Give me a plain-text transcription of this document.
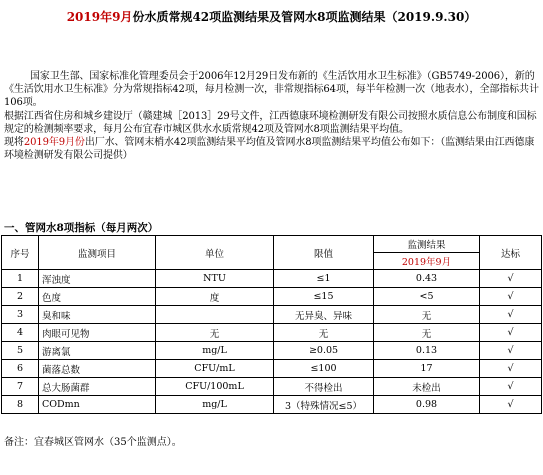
2019年9月份水质常规42项监测结果及管网水8项监测结果（2019.9.30）

国家卫生部、国家标准化管理委员会于2006年12月29日发布新的《生活饮用水卫生标准》（GB5749-2006），新的《生活饮用水卫生标准》分为常规指标42项，每月检测一次，非常规指标64项，每半年检测一次（地表水），全部指标共计106项。

根据江西省住房和城乡建设厅（赣建城［2013］29号文件，江西德康环境检测研发有限公司按照水质信息公布制度和国标规定的检测频率要求，每月公布宜春市城区供水水质常规42项及管网水8项监测结果平均值。

现将2019年9月份出厂水、管网末梢水42项监测结果平均值及管网水8项监测结果平均值公布如下：（监测结果由江西德康环境检测研发有限公司提供）

一、管网水8项指标（每月两次）
序号	监测项目	单位	限值	监测结果	达标
				2019年9月	
1	浑浊度	NTU	≤1	0.43	√
2	色度	度	≤15	<5	√
3	臭和味		无异臭、异味	无	√
4	肉眼可见物	无	无	无	√
5	游离氯	mg/L	≥0.05	0.13	√
6	菌落总数	CFU/mL	≤100	17	√
7	总大肠菌群	CFU/100mL	不得检出	未检出	√
8	CODmn	mg/L	3（特殊情况≤5）	0.98	√
备注：宜春城区管网水（35个监测点）。
